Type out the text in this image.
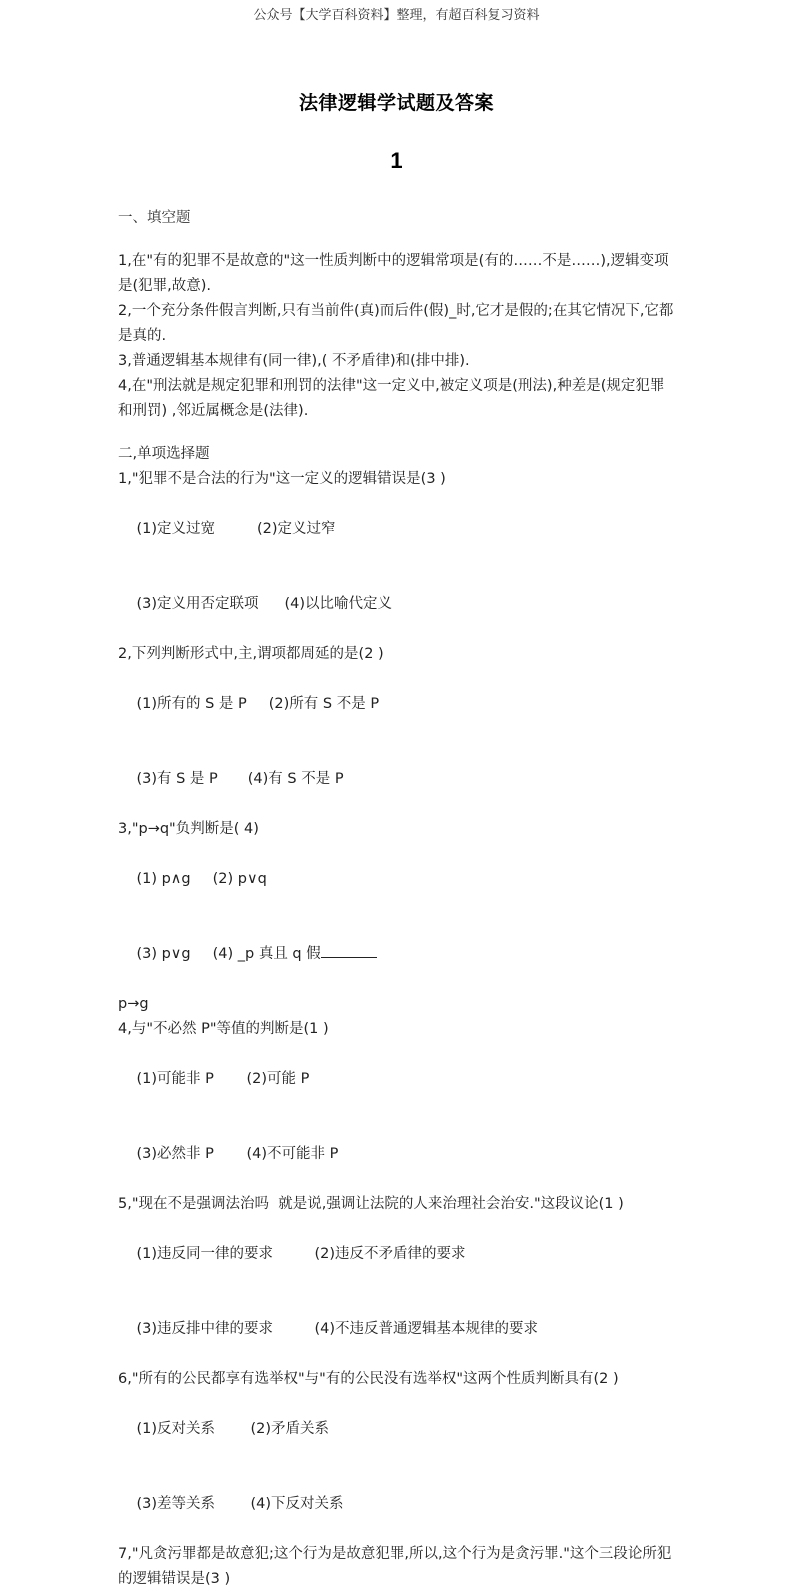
公众号【大学百科资料】整理，有超百科复习资料
法律逻辑学试题及答案
1
一、填空题
1,在"有的犯罪不是故意的"这一性质判断中的逻辑常项是(有的……不是……),逻辑变项是(犯罪,故意).
2,一个充分条件假言判断,只有当前件(真)而后件(假)_时,它才是假的;在其它情况下,它都是真的.
3,普通逻辑基本规律有(同一律),( 不矛盾律)和(排中排).
4,在"刑法就是规定犯罪和刑罚的法律"这一定义中,被定义项是(刑法),种差是(规定犯罪和刑罚) ,邻近属概念是(法律).
二,单项选择题
1,"犯罪不是合法的行为"这一定义的逻辑错误是(3 )

(1)定义过宽	(2)定义过窄

(3)定义用否定联项 (4)以比喻代定义

2,下列判断形式中,主,谓项都周延的是(2 )

(1)所有的 S 是 P (2)所有 S 不是 P

(3)有 S 是 P (4)有 S 不是 P

3,"p→q"负判断是( 4)

(1) p∧g (2) p∨q

(3) p∨g (4) _p 真且 q 假

p→g
4,与"不必然 P"等值的判断是(1 )

(1)可能非 P (2)可能 P

(3)必然非 P (4)不可能非 P

5,"现在不是强调法治吗  就是说,强调让法院的人来治理社会治安."这段议论(1 )

(1)违反同一律的要求	(2)违反不矛盾律的要求

(3)违反排中律的要求	(4)不违反普通逻辑基本规律的要求

6,"所有的公民都享有选举权"与"有的公民没有选举权"这两个性质判断具有(2 )

(1)反对关系 (2)矛盾关系

(3)差等关系 (4)下反对关系

7,"凡贪污罪都是故意犯;这个行为是故意犯罪,所以,这个行为是贪污罪."这个三段论所犯的逻辑错误是(3 )
